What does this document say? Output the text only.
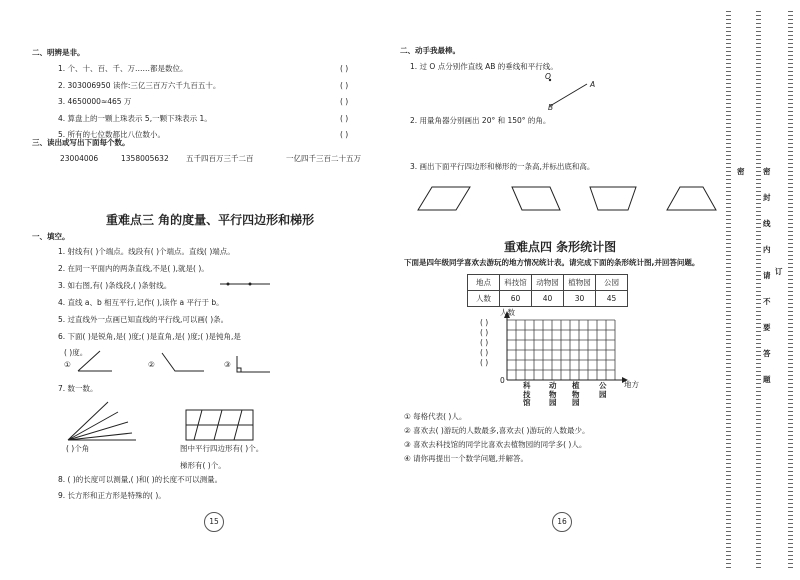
二、明辨是非。
1. 个、十、百、千、万……都是数位。	( )
2. 303006950 读作:三亿三百万六千九百五十。	( )
3. 4650000≈465 万	( )
4. 算盘上的一颗上珠表示 5,一颗下珠表示 1。	( )
5. 所有的七位数都比八位数小。	( )
三、读出或写出下面每个数。
23004006	1358005632 五千四百万三千二百	一亿四千三百二十五万
重难点三 角的度量、平行四边形和梯形
一、填空。
1. 射线有( )个端点。线段有( )个端点。直线( )端点。
2. 在同一平面内的两条直线,不是( ),就是( )。
3. 如右图,有( )条线段,( )条射线。
4. 直线 a、b 相互平行,记作( ),读作 a 平行于 b。
5. 过直线外一点画已知直线的平行线,可以画( )条。
6. 下面( )是锐角,是( )度;( )是直角,是( )度;( )是钝角,是
( )度。
①	②	③
( )个角	图中平行四边形有( )个。
梯形有( )个。
7. 数一数。
8. ( )的长度可以测量,( )和( )的长度不可以测量。
9. 长方形和正方形是特殊的( )。
15
二、动手我最棒。
1. 过 O 点分别作直线 AB 的垂线和平行线。
O
A
B
2. 用量角器分别画出 20° 和 150° 的角。
3. 画出下面平行四边形和梯形的一条高,并标出底和高。
重难点四 条形统计图
下面是四年级同学喜欢去游玩的地方情况统计表。请完成下面的条形统计图,并回答问题。
地点	科技馆	动物园	植物园	公园
人数	60	40	30	45
人数
( )
( )
( )
( )
( )
0	地方
科技馆
动物园
植物园
公园
① 每格代表( )人。
② 喜欢去( )游玩的人数最多,喜欢去( )游玩的人数最少。
③ 喜欢去科技馆的同学比喜欢去植物园的同学多( )人。
④ 请你再提出一个数学问题,并解答。
16
密 密
封
线
内
请
不
要
答
题
订
